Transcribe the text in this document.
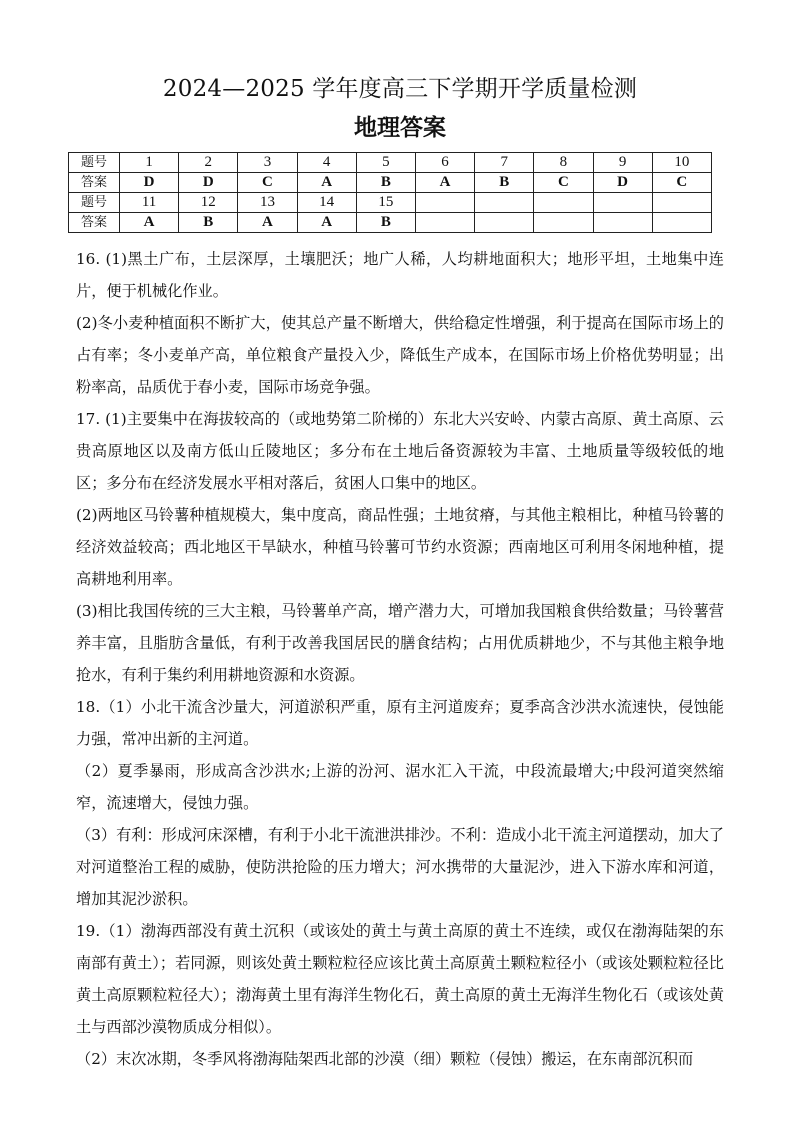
2024—2025 学年度高三下学期开学质量检测
地理答案
题号	1	2	3	4	5	6	7	8	9	10
答案	D	D	C	A	B	A	B	C	D	C
题号	11	12	13	14	15					
答案	A	B	A	A	B					

16. (1)黑土广布，土层深厚，土壤肥沃；地广人稀，人均耕地面积大；地形平坦，土地集中连片，便于机械化作业。

(2)冬小麦种植面积不断扩大，使其总产量不断增大，供给稳定性增强，利于提高在国际市场上的占有率；冬小麦单产高，单位粮食产量投入少，降低生产成本，在国际市场上价格优势明显；出粉率高，品质优于春小麦，国际市场竞争强。

17. (1)主要集中在海拔较高的（或地势第二阶梯的）东北大兴安岭、内蒙古高原、黄土高原、云贵高原地区以及南方低山丘陵地区；多分布在土地后备资源较为丰富、土地质量等级较低的地区；多分布在经济发展水平相对落后，贫困人口集中的地区。

(2)两地区马铃薯种植规模大，集中度高，商品性强；土地贫瘠，与其他主粮相比，种植马铃薯的经济效益较高；西北地区干旱缺水，种植马铃薯可节约水资源；西南地区可利用冬闲地种植，提高耕地利用率。

(3)相比我国传统的三大主粮，马铃薯单产高，增产潜力大，可增加我国粮食供给数量；马铃薯营养丰富，且脂肪含量低，有利于改善我国居民的膳食结构；占用优质耕地少，不与其他主粮争地抢水，有利于集约利用耕地资源和水资源。

18.（1）小北干流含沙量大，河道淤积严重，原有主河道废弃；夏季高含沙洪水流速快，侵蚀能力强，常冲出新的主河道。

（2）夏季暴雨，形成高含沙洪水;上游的汾河、涺水汇入干流，中段流最增大;中段河道突然缩窄，流速增大，侵蚀力强。

（3）有利：形成河床深槽，有利于小北干流泄洪排沙。不利：造成小北干流主河道摆动，加大了对河道整治工程的威胁，使防洪抢险的压力增大；河水携带的大量泥沙，进入下游水库和河道，增加其泥沙淤积。

19.（1）渤海西部没有黄土沉积（或该处的黄土与黄土高原的黄土不连续，或仅在渤海陆架的东南部有黄土）；若同源，则该处黄土颗粒粒径应该比黄土高原黄土颗粒粒径小（或该处颗粒粒径比黄土高原颗粒粒径大）；渤海黄土里有海洋生物化石，黄土高原的黄土无海洋生物化石（或该处黄土与西部沙漠物质成分相似）。

（2）末次冰期，冬季风将渤海陆架西北部的沙漠（细）颗粒（侵蚀）搬运，在东南部沉积而
